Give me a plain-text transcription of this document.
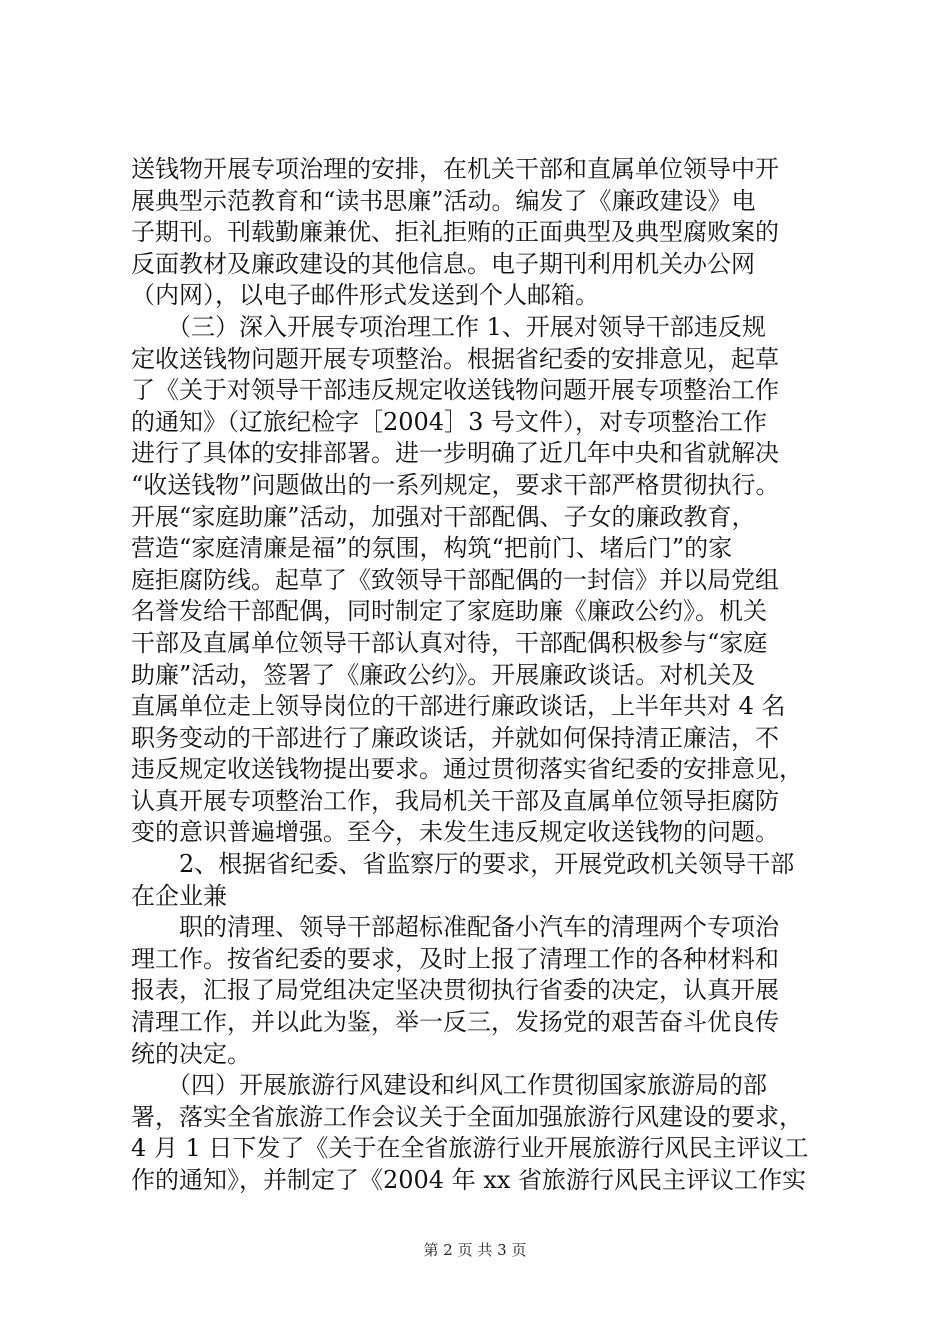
送钱物开展专项治理的安排，在机关干部和直属单位领导中开
展典型示范教育和“读书思廉”活动。编发了《廉政建设》电
子期刊。刊载勤廉兼优、拒礼拒贿的正面典型及典型腐败案的
反面教材及廉政建设的其他信息。电子期刊利用机关办公网
（内网），以电子邮件形式发送到个人邮箱。
　　（三）深入开展专项治理工作 1、开展对领导干部违反规
定收送钱物问题开展专项整治。根据省纪委的安排意见，起草
了《关于对领导干部违反规定收送钱物问题开展专项整治工作
的通知》（辽旅纪检字［2004］3 号文件），对专项整治工作
进行了具体的安排部署。进一步明确了近几年中央和省就解决
“收送钱物”问题做出的一系列规定，要求干部严格贯彻执行。
开展“家庭助廉”活动，加强对干部配偶、子女的廉政教育，
营造“家庭清廉是福”的氛围，构筑“把前门、堵后门”的家
庭拒腐防线。起草了《致领导干部配偶的一封信》并以局党组
名誉发给干部配偶，同时制定了家庭助廉《廉政公约》。机关
干部及直属单位领导干部认真对待，干部配偶积极参与“家庭
助廉”活动，签署了《廉政公约》。开展廉政谈话。对机关及
直属单位走上领导岗位的干部进行廉政谈话，上半年共对 4 名
职务变动的干部进行了廉政谈话，并就如何保持清正廉洁，不
违反规定收送钱物提出要求。通过贯彻落实省纪委的安排意见，
认真开展专项整治工作，我局机关干部及直属单位领导拒腐防
变的意识普遍增强。至今，未发生违反规定收送钱物的问题。
　　2、根据省纪委、省监察厅的要求，开展党政机关领导干部
在企业兼
　　职的清理、领导干部超标准配备小汽车的清理两个专项治
理工作。按省纪委的要求，及时上报了清理工作的各种材料和
报表，汇报了局党组决定坚决贯彻执行省委的决定，认真开展
清理工作，并以此为鉴，举一反三，发扬党的艰苦奋斗优良传
统的决定。
　　（四）开展旅游行风建设和纠风工作贯彻国家旅游局的部
署，落实全省旅游工作会议关于全面加强旅游行风建设的要求，
4 月 1 日下发了《关于在全省旅游行业开展旅游行风民主评议工
作的通知》，并制定了《2004 年 xx 省旅游行风民主评议工作实
第 2 页 共 3 页
